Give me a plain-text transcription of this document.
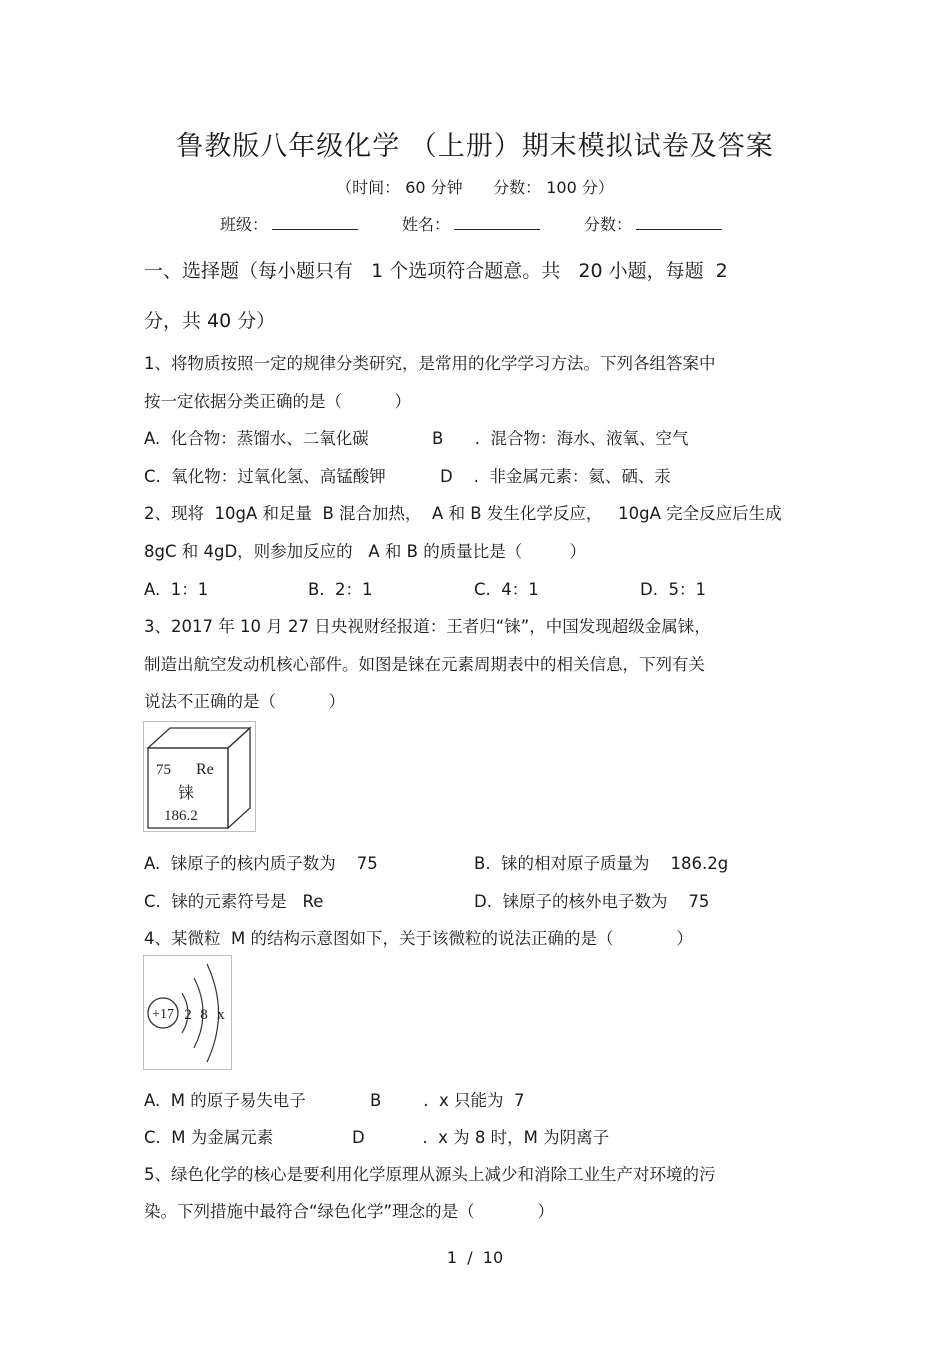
鲁教版八年级化学 （上册）期末模拟试卷及答案
（时间： 60 分钟      分数： 100 分）
班级：	姓名：	分数：
一、选择题（每小题只有   1 个选项符合题意。共   20 小题，每题  2
分，共 40 分）
1、将物质按照一定的规律分类研究，是常用的化学学习方法。下列各组答案中
按一定依据分类正确的是（          ）
A.  化合物：蒸馏水、二氧化碳	B      .  混合物：海水、液氧、空气
C.  氧化物：过氧化氢、高锰酸钾	D    .  非金属元素：氦、硒、汞
2、现将  10gA 和足量  B 混合加热，  A 和 B 发生化学反应，   10gA 完全反应后生成
8gC 和 4gD，则参加反应的   A 和 B 的质量比是（         ）
A.  1：1	B.  2：1	C.  4：1	D.  5：1
3、2017 年 10 月 27 日央视财经报道：王者归“铼”，中国发现超级金属铼，
制造出航空发动机核心部件。如图是铼在元素周期表中的相关信息，下列有关
说法不正确的是（          ）
75 Re
铼
186.2
A.  铼原子的核内质子数为    75	B.  铼的相对原子质量为    186.2g
C.  铼的元素符号是   Re	D.  铼原子的核外电子数为    75
4、某微粒  M 的结构示意图如下，关于该微粒的说法正确的是（            ）
+17 2 8 x
A.  M 的原子易失电子	B        .  x 只能为  7
C.  M 为金属元素	D           .  x 为 8 时，M 为阴离子
5、绿色化学的核心是要利用化学原理从源头上减少和消除工业生产对环境的污
染。下列措施中最符合“绿色化学”理念的是（            ）
1  /  10
